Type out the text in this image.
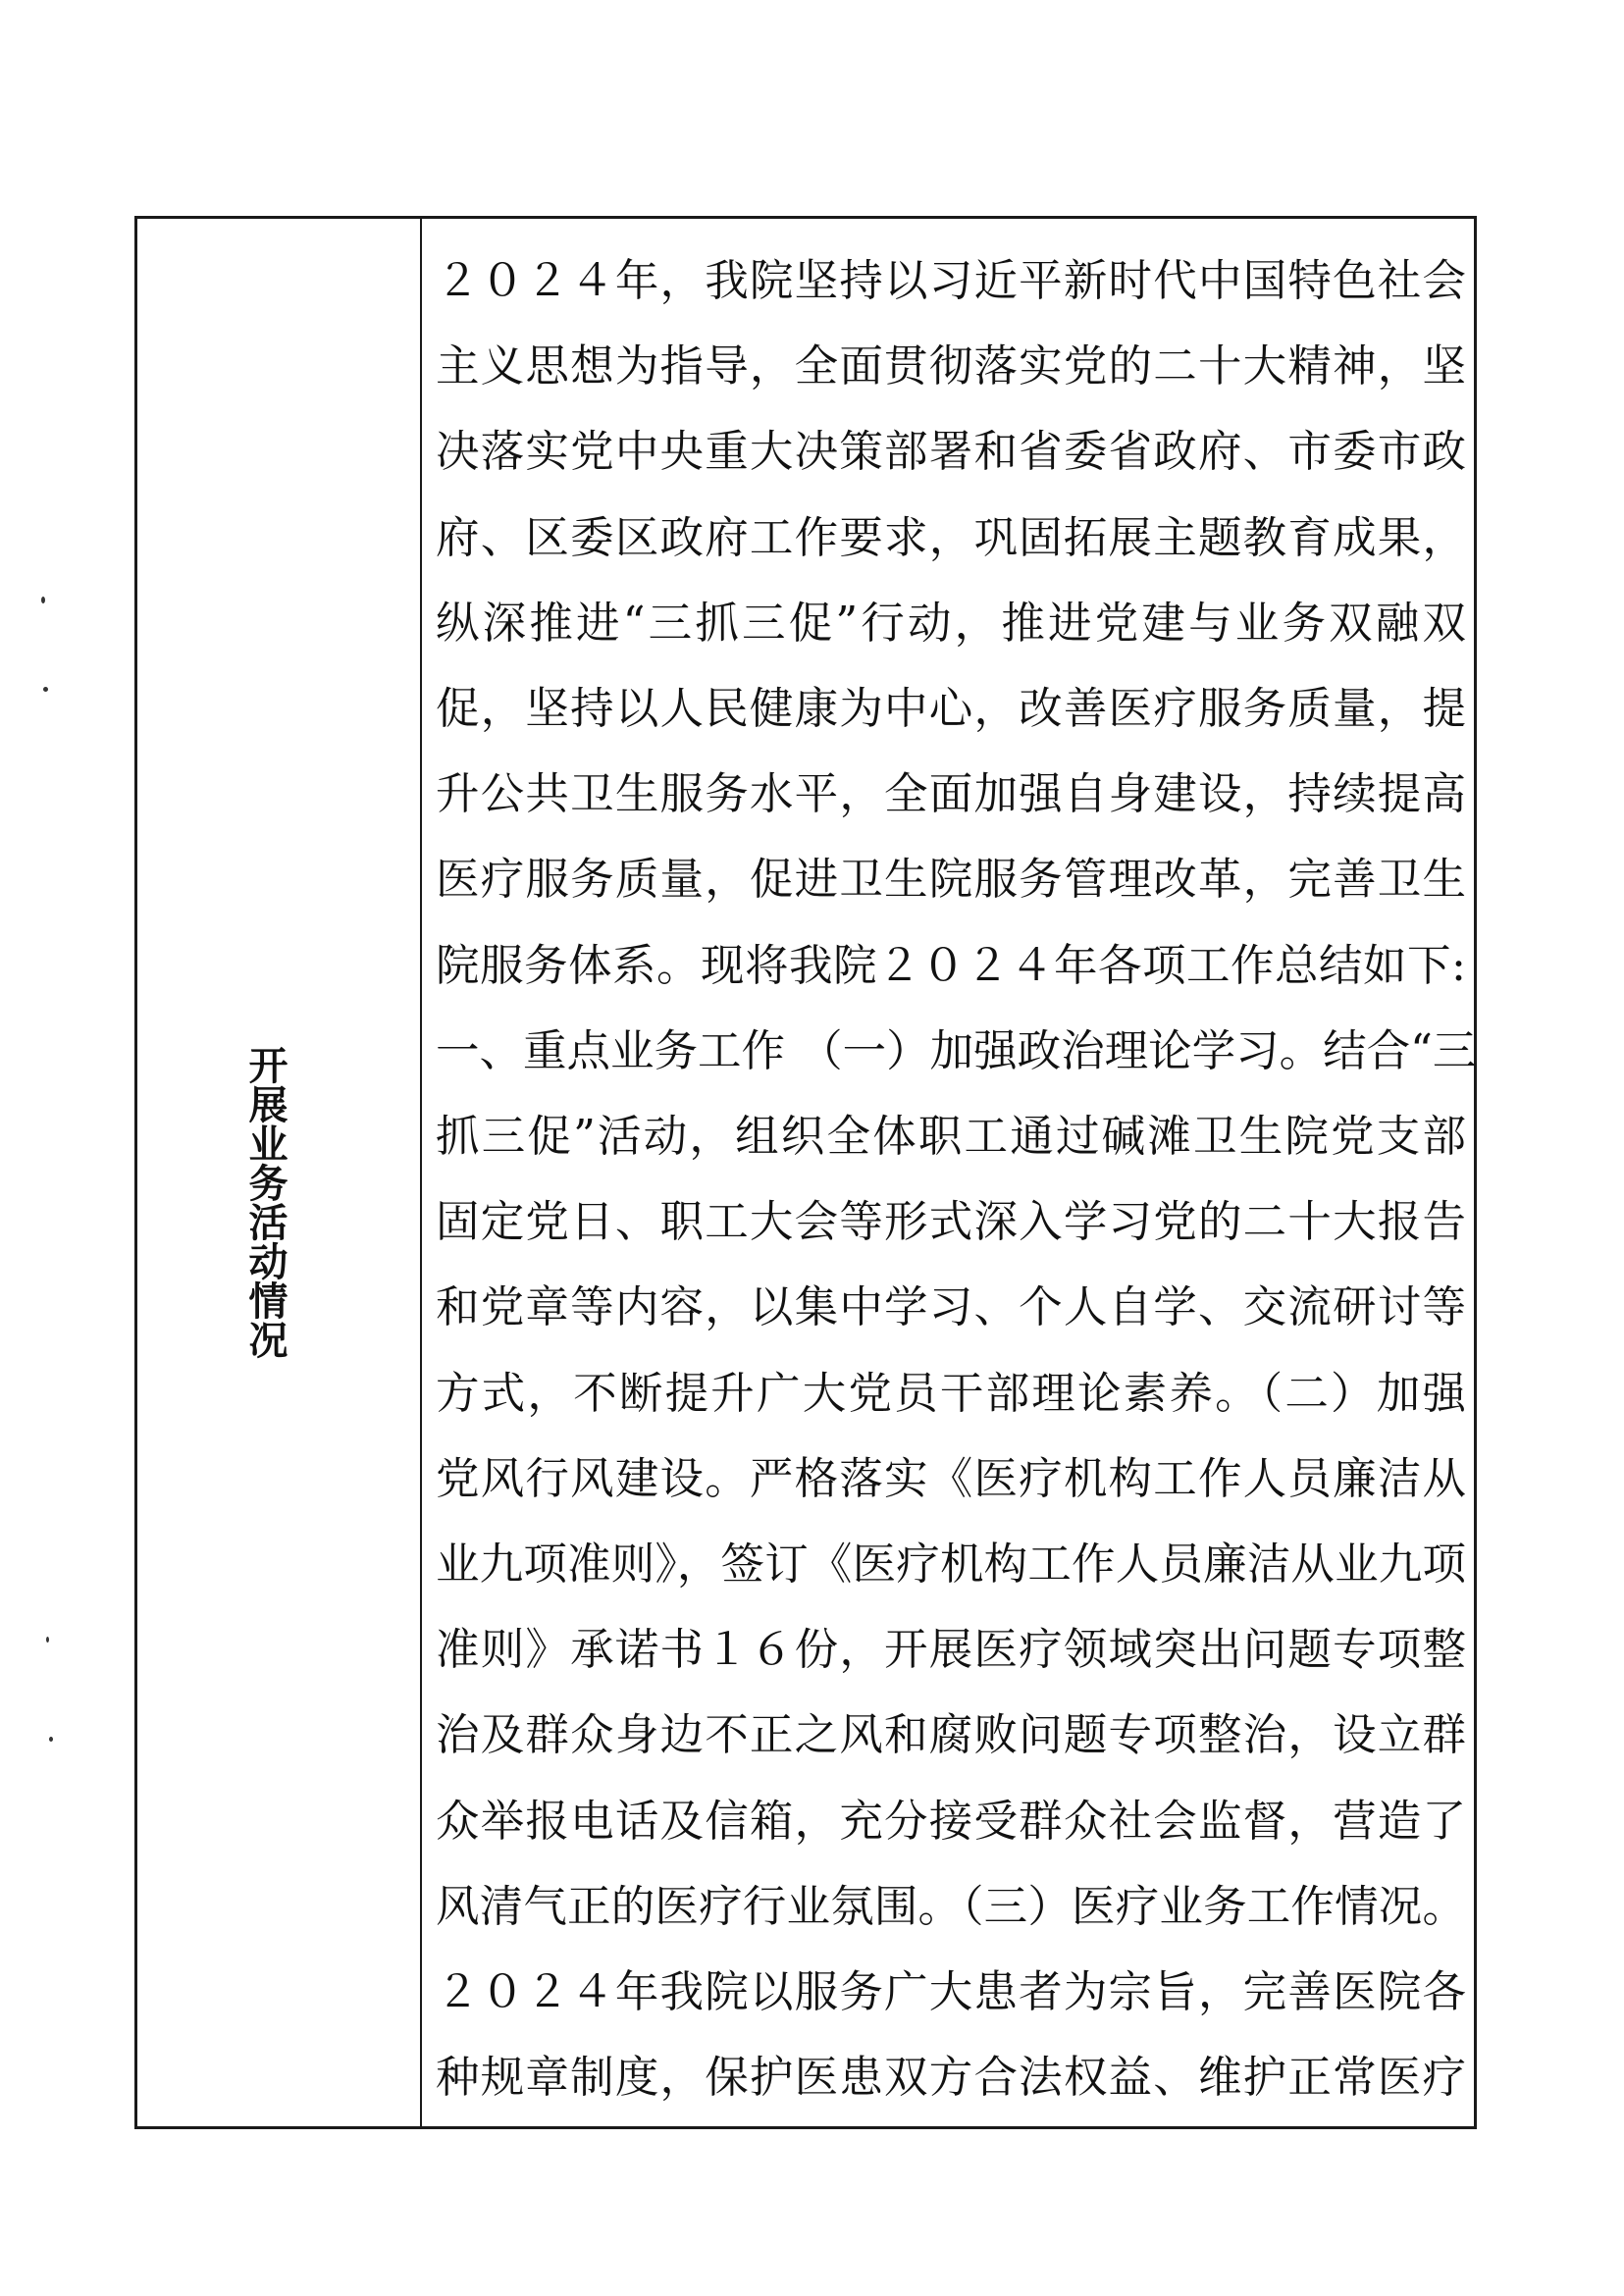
开展业务活动情况
２０２４年，我院坚持以习近平新时代中国特色社会
主义思想为指导，全面贯彻落实党的二十大精神，坚
决落实党中央重大决策部署和省委省政府、市委市政
府、区委区政府工作要求，巩固拓展主题教育成果，
纵深推进“三抓三促”行动，推进党建与业务双融双
促，坚持以人民健康为中心，改善医疗服务质量，提
升公共卫生服务水平，全面加强自身建设，持续提高
医疗服务质量，促进卫生院服务管理改革，完善卫生
院服务体系。现将我院２０２４年各项工作总结如下:
一、重点业务工作 （一）加强政治理论学习。结合“三
抓三促”活动，组织全体职工通过碱滩卫生院党支部
固定党日、职工大会等形式深入学习党的二十大报告
和党章等内容，以集中学习、个人自学、交流研讨等
方式，不断提升广大党员干部理论素养。（二）加强
党风行风建设。严格落实《医疗机构工作人员廉洁从
业九项准则》，签订《医疗机构工作人员廉洁从业九项
准则》承诺书１６份，开展医疗领域突出问题专项整
治及群众身边不正之风和腐败问题专项整治，设立群
众举报电话及信箱，充分接受群众社会监督，营造了
风清气正的医疗行业氛围。（三）医疗业务工作情况。
２０２４年我院以服务广大患者为宗旨，完善医院各
种规章制度，保护医患双方合法权益、维护正常医疗
